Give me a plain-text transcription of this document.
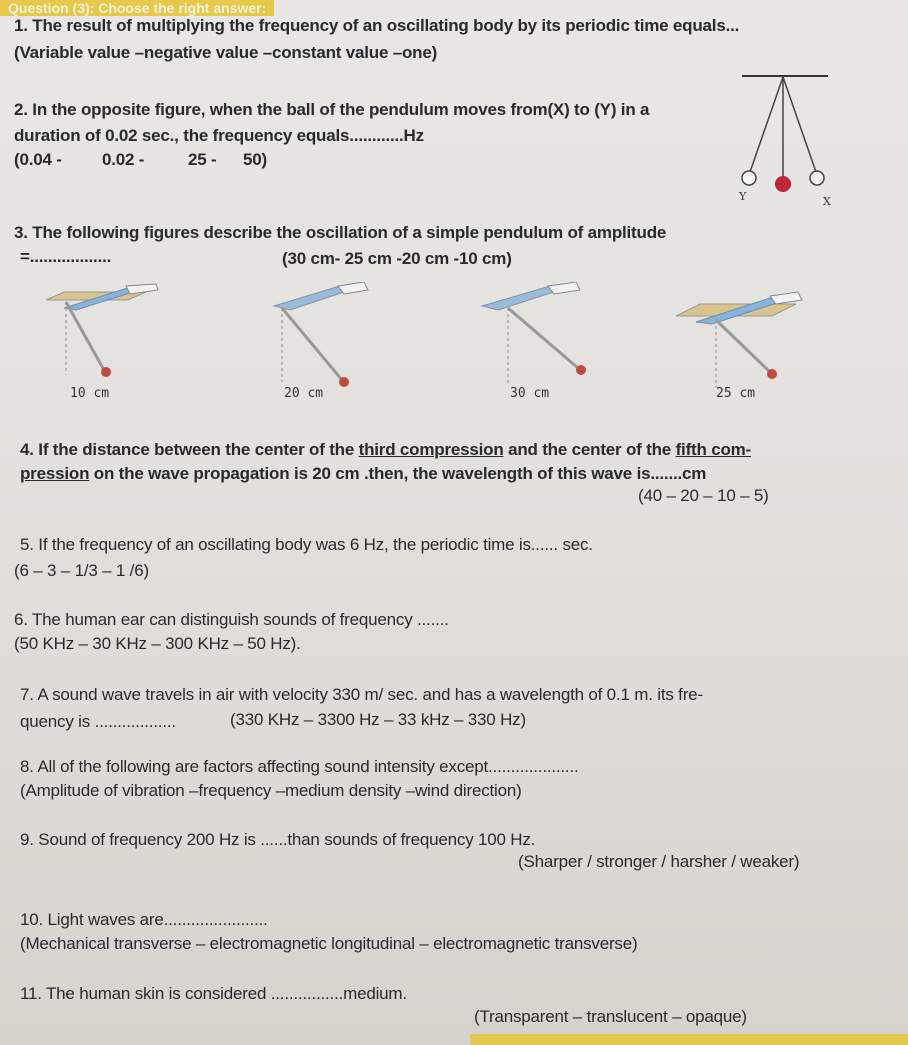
Question (3): Choose the right answer:
1. The result of multiplying the frequency of an oscillating body by its periodic time equals...
(Variable value –negative value –constant value –one)
2. In the opposite figure, when the ball of the pendulum moves from(X) to (Y) in a
duration of 0.02 sec., the frequency equals............Hz
(0.04 - 0.02 -	25 - 50)
Y	X
3. The following figures describe the oscillation of a simple pendulum of amplitude
=..................	(30 cm- 25 cm -20 cm -10 cm)
10 cm	20 cm	30 cm	25 cm
4. If the distance between the center of the third compression and the center of the fifth com-
pression on the wave propagation is 20 cm .then, the wavelength of this wave is.......cm
(40 – 20 – 10 – 5)
5. If the frequency of an oscillating body was 6 Hz, the periodic time is...... sec.
(6 – 3 – 1/3 – 1 /6)
6. The human ear can distinguish sounds of frequency .......
(50 KHz – 30 KHz – 300 KHz – 50 Hz).
7. A sound wave travels in air with velocity 330 m/ sec. and has a wavelength of 0.1 m. its fre-
quency is ..................	(330 KHz – 3300 Hz – 33 kHz – 330 Hz)
8. All of the following are factors affecting sound intensity except....................
(Amplitude of vibration –frequency –medium density –wind direction)
9. Sound of frequency 200 Hz is ......than sounds of frequency 100 Hz.
(Sharper / stronger / harsher / weaker)
10. Light waves are.......................
(Mechanical transverse – electromagnetic longitudinal – electromagnetic transverse)
11. The human skin is considered ................medium.
(Transparent – translucent – opaque)
